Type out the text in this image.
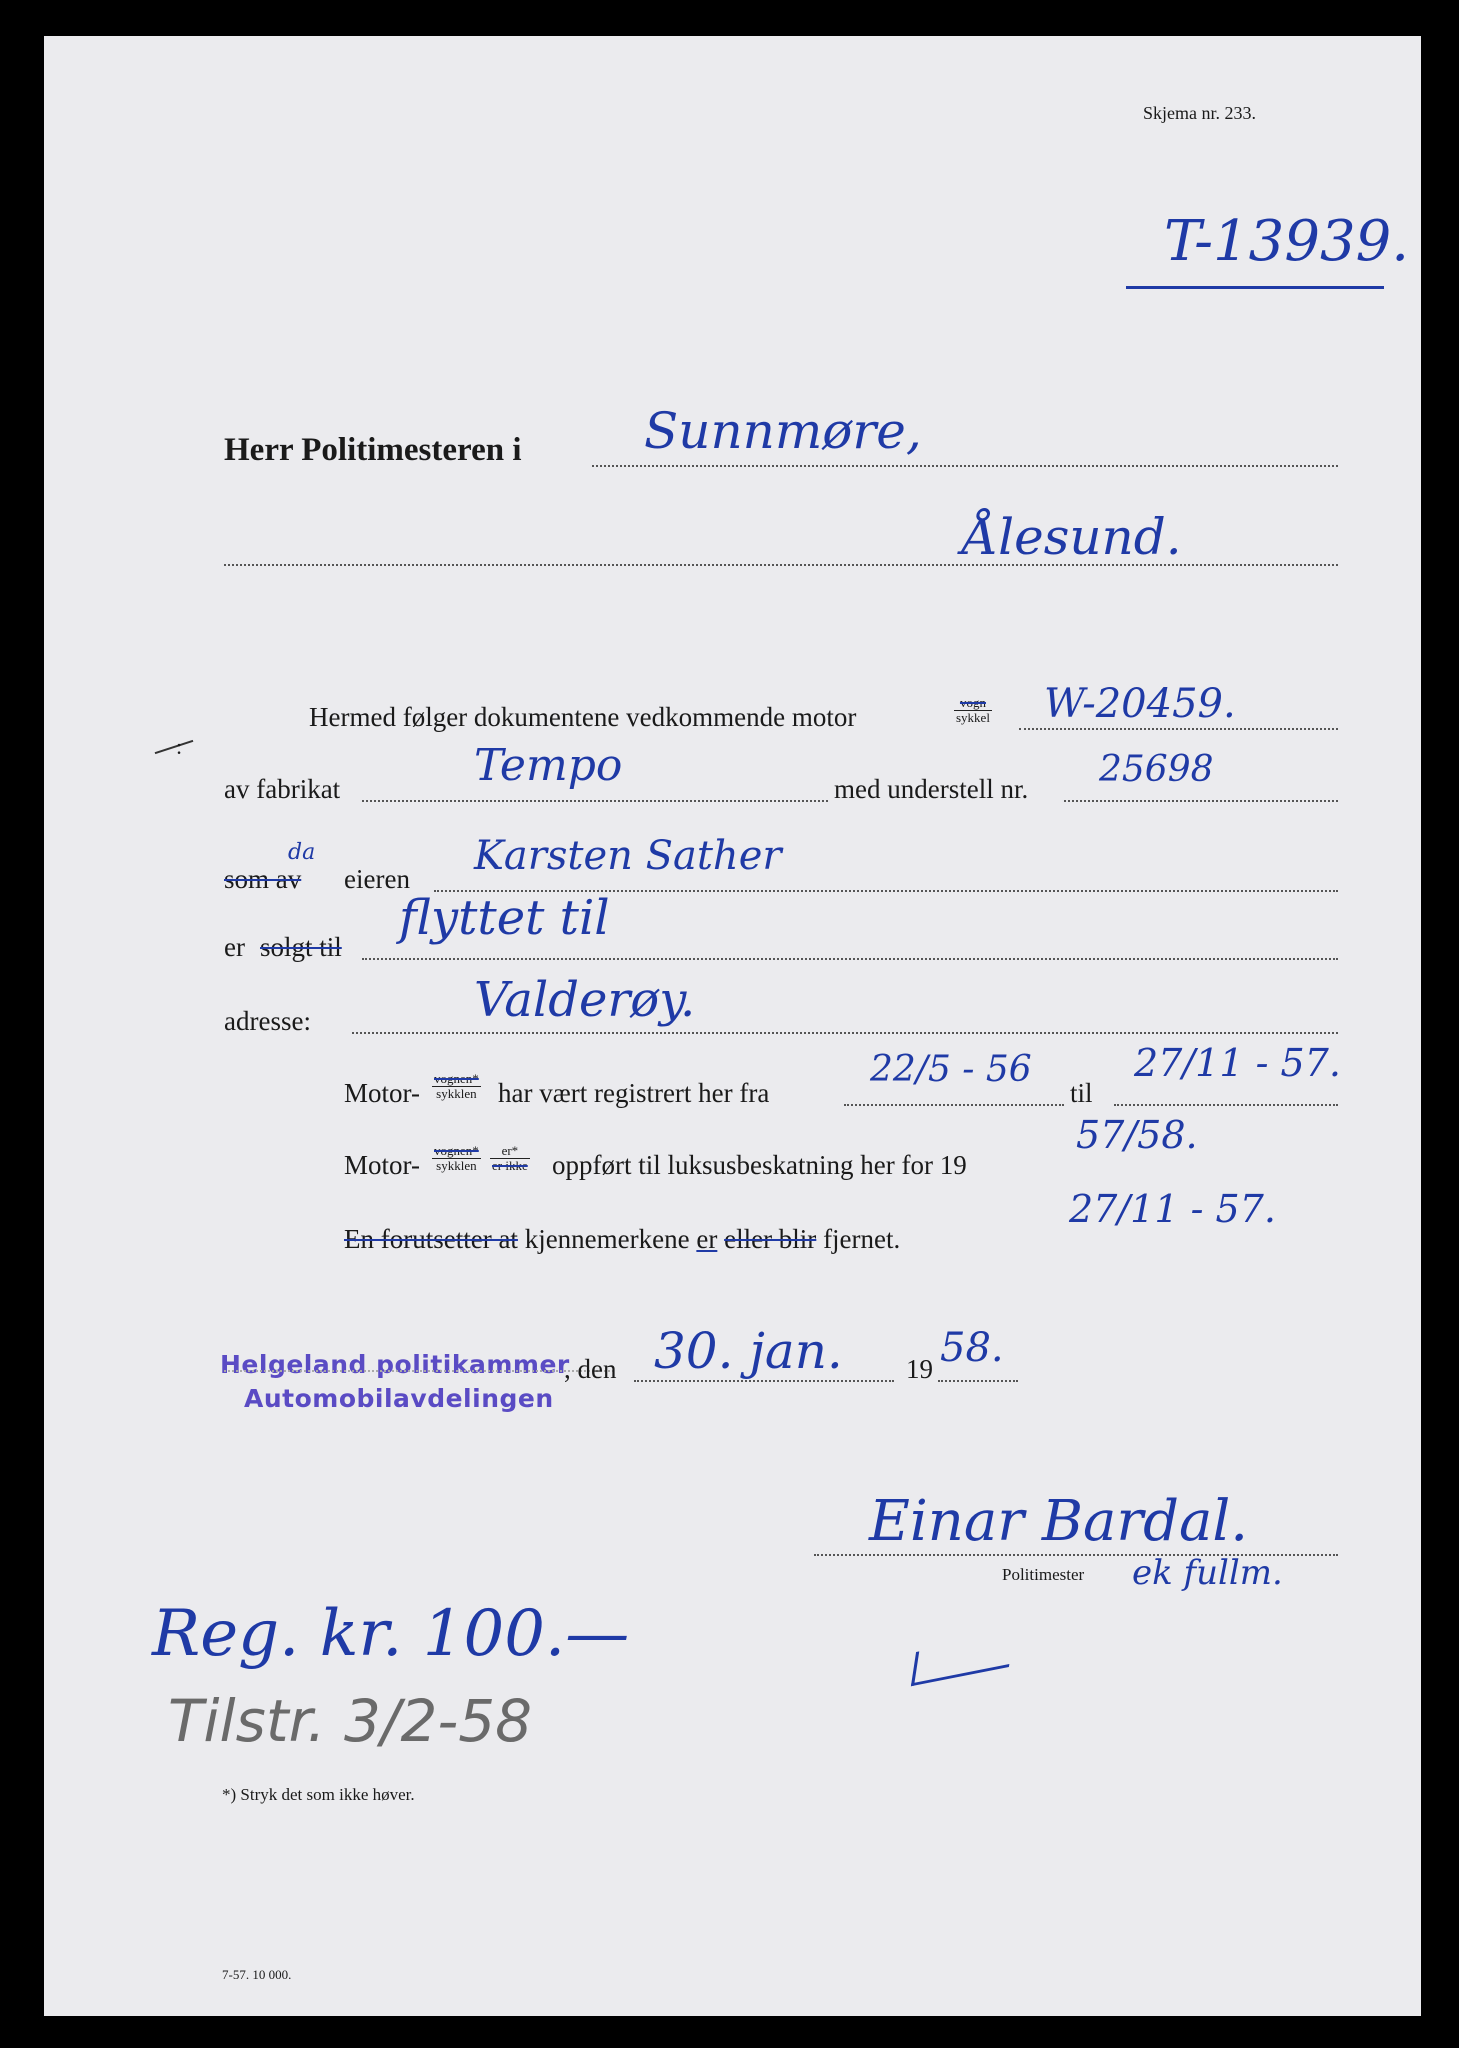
Skjema nr. 233.
T-13939.
Herr Politimesteren i Sunnmøre,
Ålesund.
Hermed følger dokumentene vedkommende motor	vogn
sykkel W-20459.
:
av fabrikat	Tempo	med understell nr. 25698
da
som av eieren Karsten Sather
er solgt til
flyttet til
adresse:	Valderøy.
Motor- vognen*
sykklen har vært registrert her fra
22/5 - 56
til
27/11 - 57.
Motor- vognen*
sykklen
er*
er ikke oppført til luksusbeskatning her for 19
57/58.
En forutsetter at kjennemerkene er eller blir fjernet.
27/11 - 57.
Helgeland politikammer
Automobilavdelingen
, den 30. jan. 19 58.
Einar Bardal.
Politimester ek fullm.
Reg. kr. 100.—
Tilstr. 3/2-58
*) Stryk det som ikke høver.
7-57. 10 000.
